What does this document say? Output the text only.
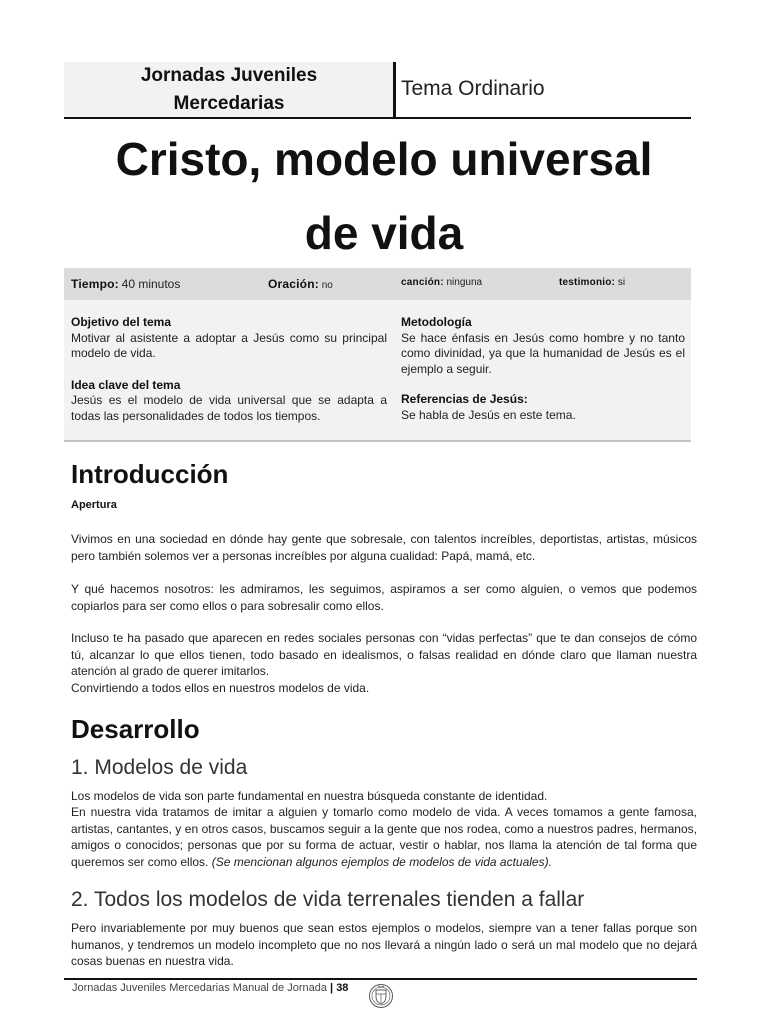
Jornadas Juveniles
Mercedarias
Tema Ordinario
Cristo, modelo universal
de vida
Tiempo: 40 minutos	Oración: no	canción: ninguna	testimonio: si
Objetivo del tema

Motivar al asistente a adoptar a Jesús como su principal modelo de vida.

Idea clave del tema

Jesús es el modelo de vida universal que se adapta a todas las personalidades de todos los tiempos.

Metodología

Se hace énfasis en Jesús como hombre y no tanto como divinidad, ya que la humanidad de Jesús es el ejemplo a seguir.

Referencias de Jesús:

Se habla de Jesús en este tema.

Introducción
Apertura

Vivimos en una sociedad en dónde hay gente que sobresale, con talentos increíbles, deportistas, artistas, músicos pero también solemos ver a personas increíbles por alguna cualidad: Papá, mamá, etc.

Y qué hacemos nosotros: les admiramos, les seguimos, aspiramos a ser como alguien, o vemos que podemos copiarlos para ser como ellos o para sobresalir como ellos.

Incluso te ha pasado que aparecen en redes sociales personas con “vidas perfectas” que te dan consejos de cómo tú, alcanzar lo que ellos tienen, todo basado en idealismos, o falsas realidad en dónde claro que llaman nuestra atención al grado de querer imitarlos.

Convirtiendo a todos ellos en nuestros modelos de vida.

Desarrollo
1. Modelos de vida

Los modelos de vida son parte fundamental en nuestra búsqueda constante de identidad.

En nuestra vida tratamos de imitar a alguien y tomarlo como modelo de vida. A veces tomamos a gente famosa, artistas, cantantes, y en otros casos, buscamos seguir a la gente que nos rodea, como a nuestros padres, hermanos, amigos o conocidos; personas que por su forma de actuar, vestir o hablar, nos llama la atención de tal forma que queremos ser como ellos. (Se mencionan algunos ejemplos de modelos de vida actuales).

2. Todos los modelos de vida terrenales tienden a fallar

Pero invariablemente por muy buenos que sean estos ejemplos o modelos, siempre van a tener fallas porque son humanos, y tendremos un modelo incompleto que no nos llevará a ningún lado o será un mal modelo que no dejará cosas buenas en nuestra vida.

Jornadas Juveniles Mercedarias Manual de Jornada | 38
